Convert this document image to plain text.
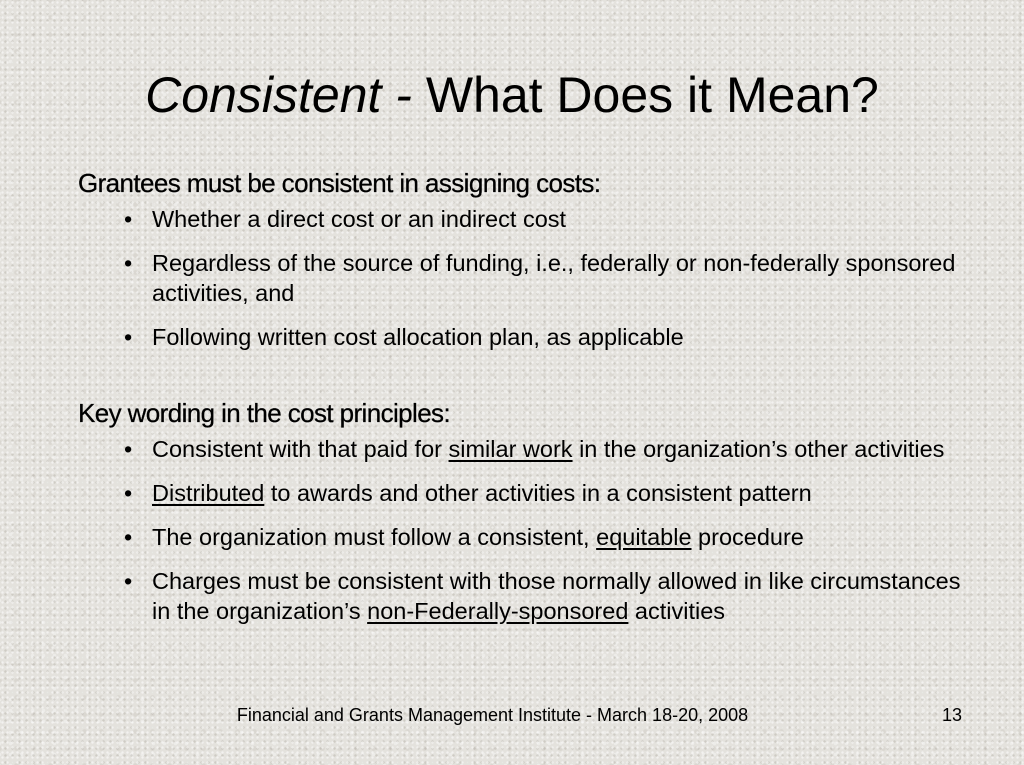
Consistent - What Does it Mean?
Grantees must be consistent in assigning costs:
• Whether a direct cost or an indirect cost
• Regardless of the source of funding, i.e., federally or non-federally sponsored activities, and
• Following written cost allocation plan, as applicable
Key wording in the cost principles:
• Consistent with that paid for similar work in the organization’s other activities
• Distributed to awards and other activities in a consistent pattern
• The organization must follow a consistent, equitable procedure
• Charges must be consistent with those normally allowed in like circumstances in the organization’s non-Federally-sponsored activities
Financial and Grants Management Institute - March 18-20, 2008	13
